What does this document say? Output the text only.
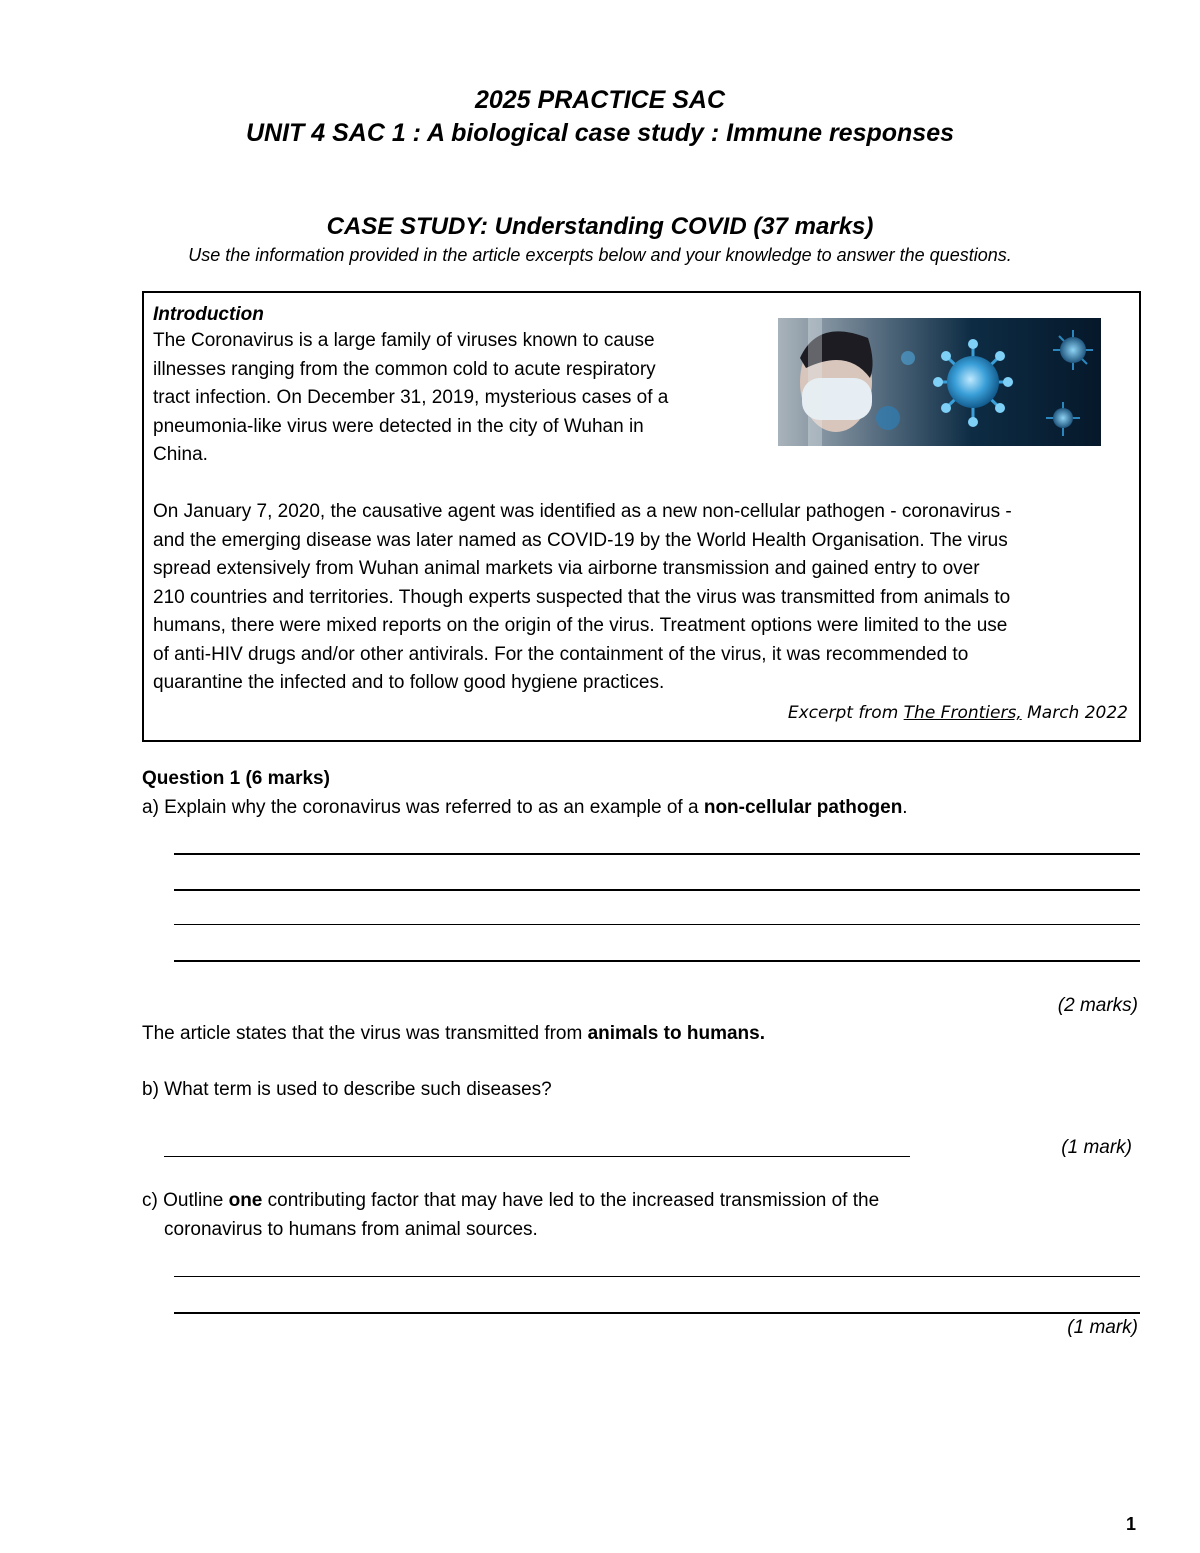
2025 PRACTICE SAC
UNIT 4 SAC 1 : A biological case study : Immune responses
CASE STUDY: Understanding COVID (37 marks)
Use the information provided in the article excerpts below and your knowledge to answer the questions.
Introduction
The Coronavirus is a large family of viruses known to cause
illnesses ranging from the common cold to acute respiratory
tract infection. On December 31, 2019, mysterious cases of a
pneumonia-like virus were detected in the city of Wuhan in
China.
On January 7, 2020, the causative agent was identified as a new non-cellular pathogen - coronavirus -
and the emerging disease was later named as COVID-19 by the World Health Organisation. The virus
spread extensively from Wuhan animal markets via airborne transmission and gained entry to over
210 countries and territories. Though experts suspected that the virus was transmitted from animals to
humans, there were mixed reports on the origin of the virus. Treatment options were limited to the use
of anti-HIV drugs and/or other antivirals. For the containment of the virus, it was recommended to
quarantine the infected and to follow good hygiene practices.
Excerpt from The Frontiers, March 2022
Question 1 (6 marks)
a) Explain why the coronavirus was referred to as an example of a non-cellular pathogen.
(2 marks)
The article states that the virus was transmitted from animals to humans.
b) What term is used to describe such diseases?
(1 mark)
c) Outline one contributing factor that may have led to the increased transmission of the
coronavirus to humans from animal sources.
(1 mark)
1
